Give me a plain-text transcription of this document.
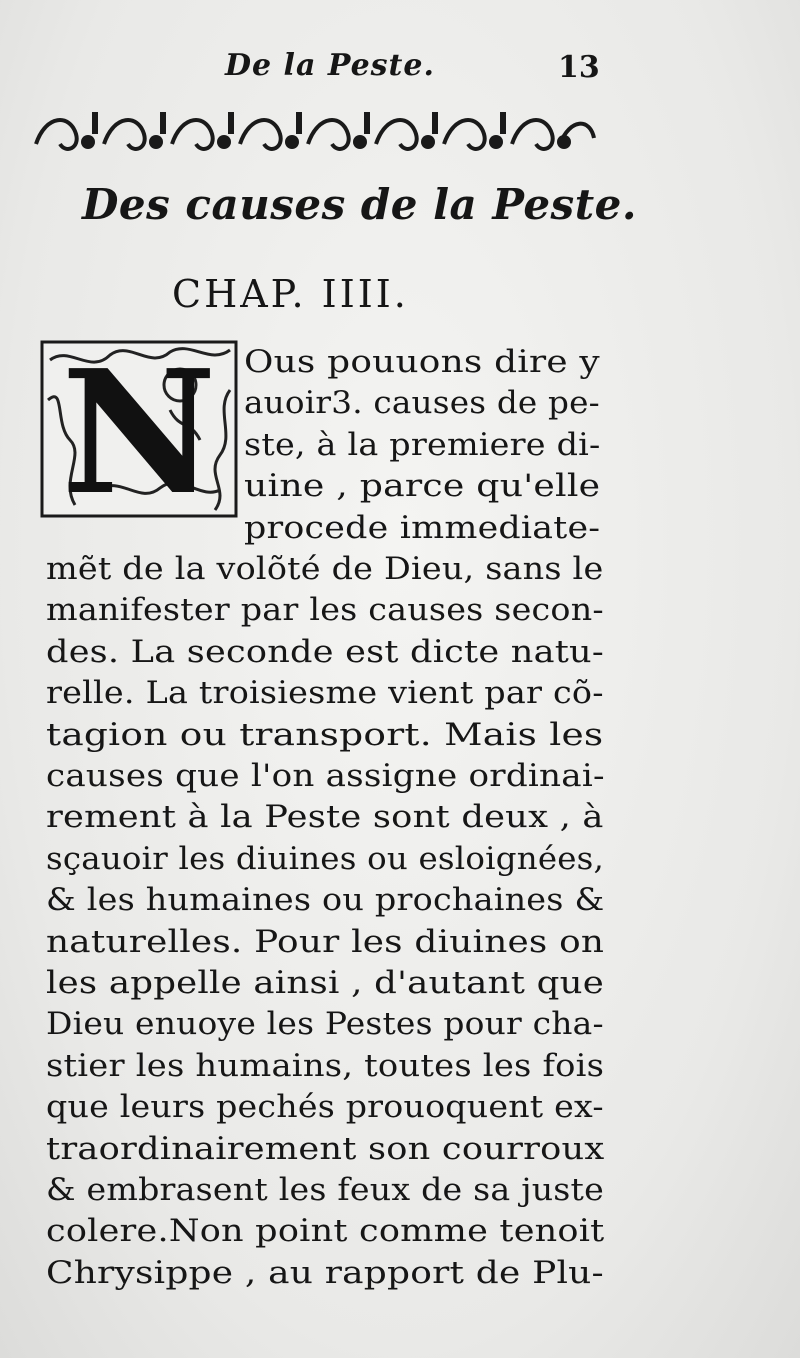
De la Peste.	13
Des causes de la Peste.
CHAP. IIII.
N Ous pouuons dire y
auoir3. causes de pe-
ste, à la premiere di-
uine , parce qu'elle
procede immediate-
mẽt de la volõté de Dieu, sans le
manifester par les causes secon-
des. La seconde est dicte natu-
relle. La troisiesme vient par cõ-
tagion ou transport. Mais les
causes que l'on assigne ordinai-
rement à la Peste sont deux , à
sçauoir les diuines ou esloignées,
& les humaines ou prochaines &
naturelles. Pour les diuines on
les appelle ainsi , d'autant que
Dieu enuoye les Pestes pour cha-
stier les humains, toutes les fois
que leurs pechés prouoquent ex-
traordinairement son courroux
& embrasent les feux de sa juste
colere.Non point comme tenoit
Chrysippe , au rapport de Plu-
